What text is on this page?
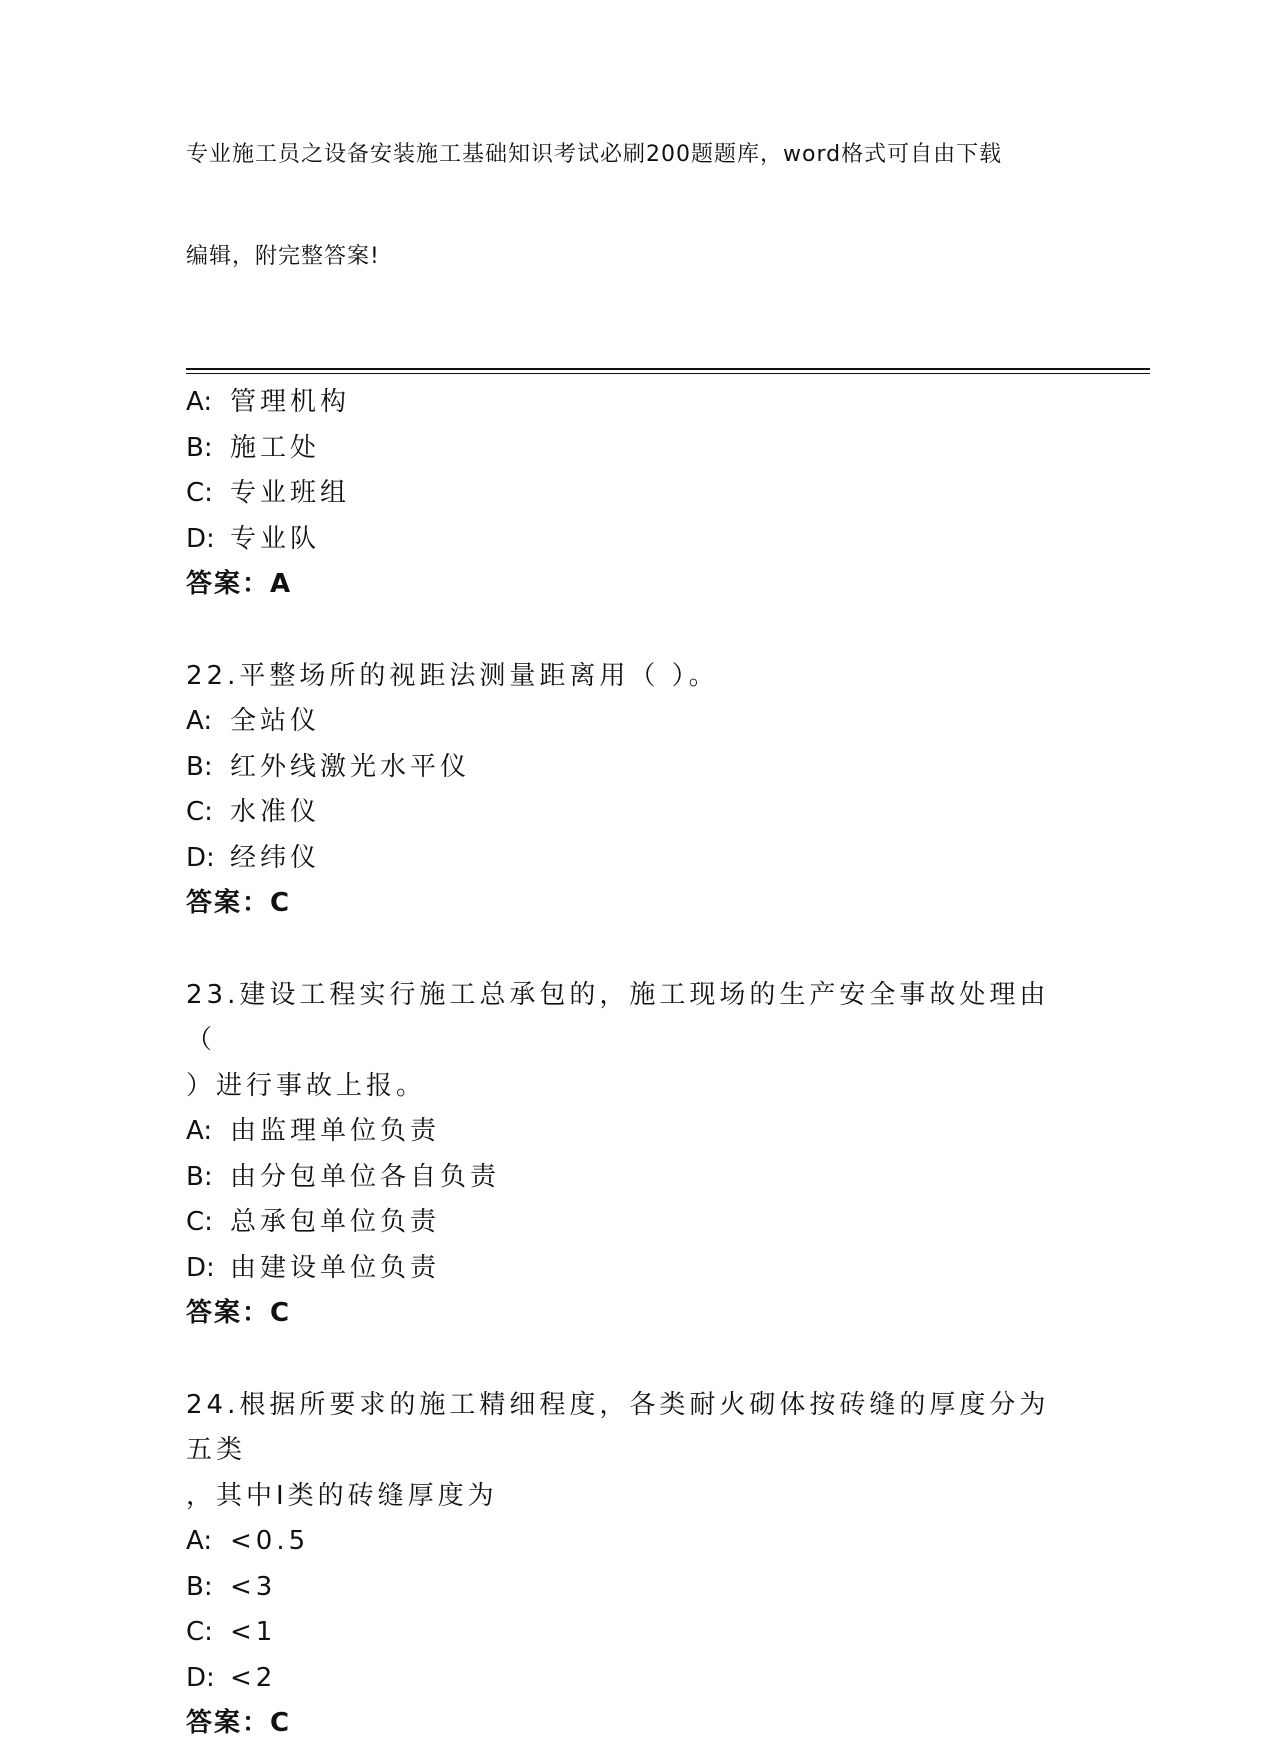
专业施工员之设备安装施工基础知识考试必刷200题题库，word格式可自由下载

编辑，附完整答案!

A: 管理机构
B: 施工处
C: 专业班组
D: 专业队
答案：A
22.平整场所的视距法测量距离用（ ）。
A: 全站仪
B: 红外线激光水平仪
C: 水准仪
D: 经纬仪
答案：C
23.建设工程实行施工总承包的，施工现场的生产安全事故处理由（
）进行事故上报。
A: 由监理单位负责
B: 由分包单位各自负责
C: 总承包单位负责
D: 由建设单位负责
答案：C
24.根据所要求的施工精细程度，各类耐火砌体按砖缝的厚度分为五类
，其中Ⅰ类的砖缝厚度为
A: <0.5
B: <3
C: <1
D: <2
答案：C
